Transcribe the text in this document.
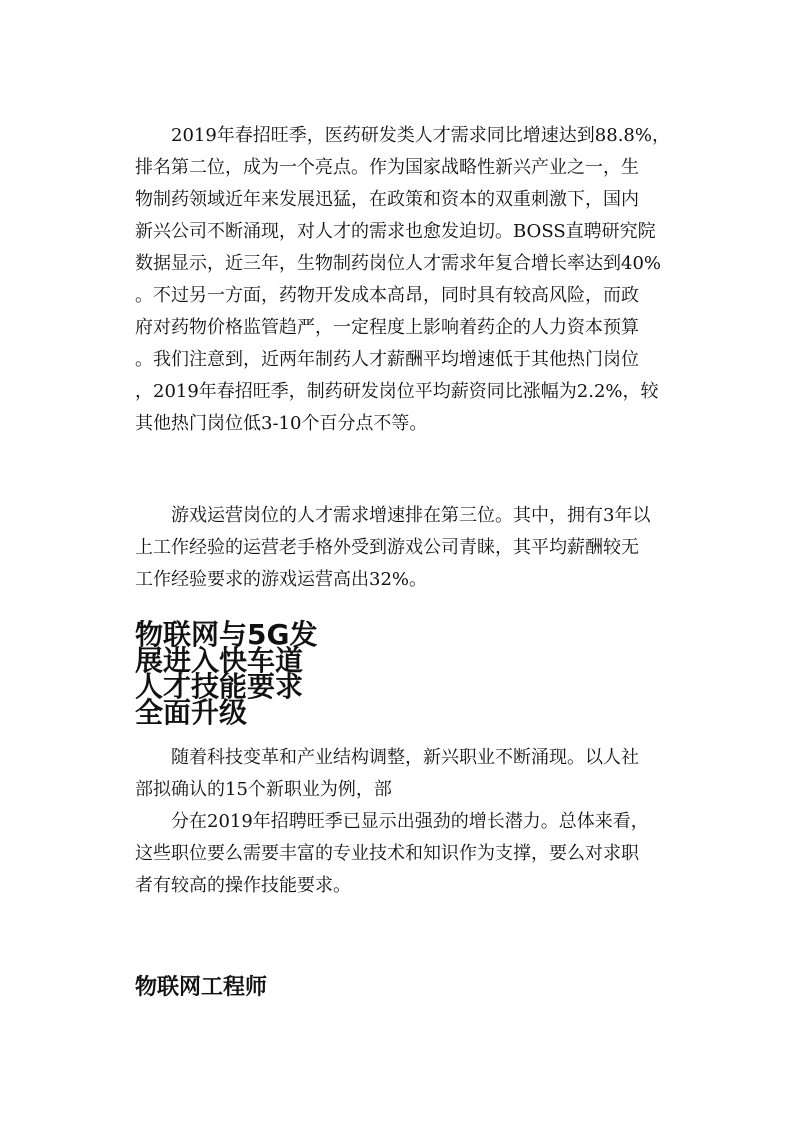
　　2019年春招旺季，医药研发类人才需求同比增速达到88.8%，
排名第二位，成为一个亮点。作为国家战略性新兴产业之一，生
物制药领域近年来发展迅猛，在政策和资本的双重刺激下，国内
新兴公司不断涌现，对人才的需求也愈发迫切。BOSS直聘研究院
数据显示，近三年，生物制药岗位人才需求年复合增长率达到40%
。不过另一方面，药物开发成本高昂，同时具有较高风险，而政
府对药物价格监管趋严，一定程度上影响着药企的人力资本预算
。我们注意到，近两年制药人才薪酬平均增速低于其他热门岗位
，2019年春招旺季，制药研发岗位平均薪资同比涨幅为2.2%，较
其他热门岗位低3-10个百分点不等。

　　游戏运营岗位的人才需求增速排在第三位。其中，拥有3年以
上工作经验的运营老手格外受到游戏公司青睐，其平均薪酬较无
工作经验要求的游戏运营高出32%。

物联网与5G发
展进入快车道
人才技能要求
全面升级

　　随着科技变革和产业结构调整，新兴职业不断涌现。以人社
部拟确认的15个新职业为例，部
　　分在2019年招聘旺季已显示出强劲的增长潜力。总体来看，
这些职位要么需要丰富的专业技术和知识作为支撑，要么对求职
者有较高的操作技能要求。

物联网工程师
